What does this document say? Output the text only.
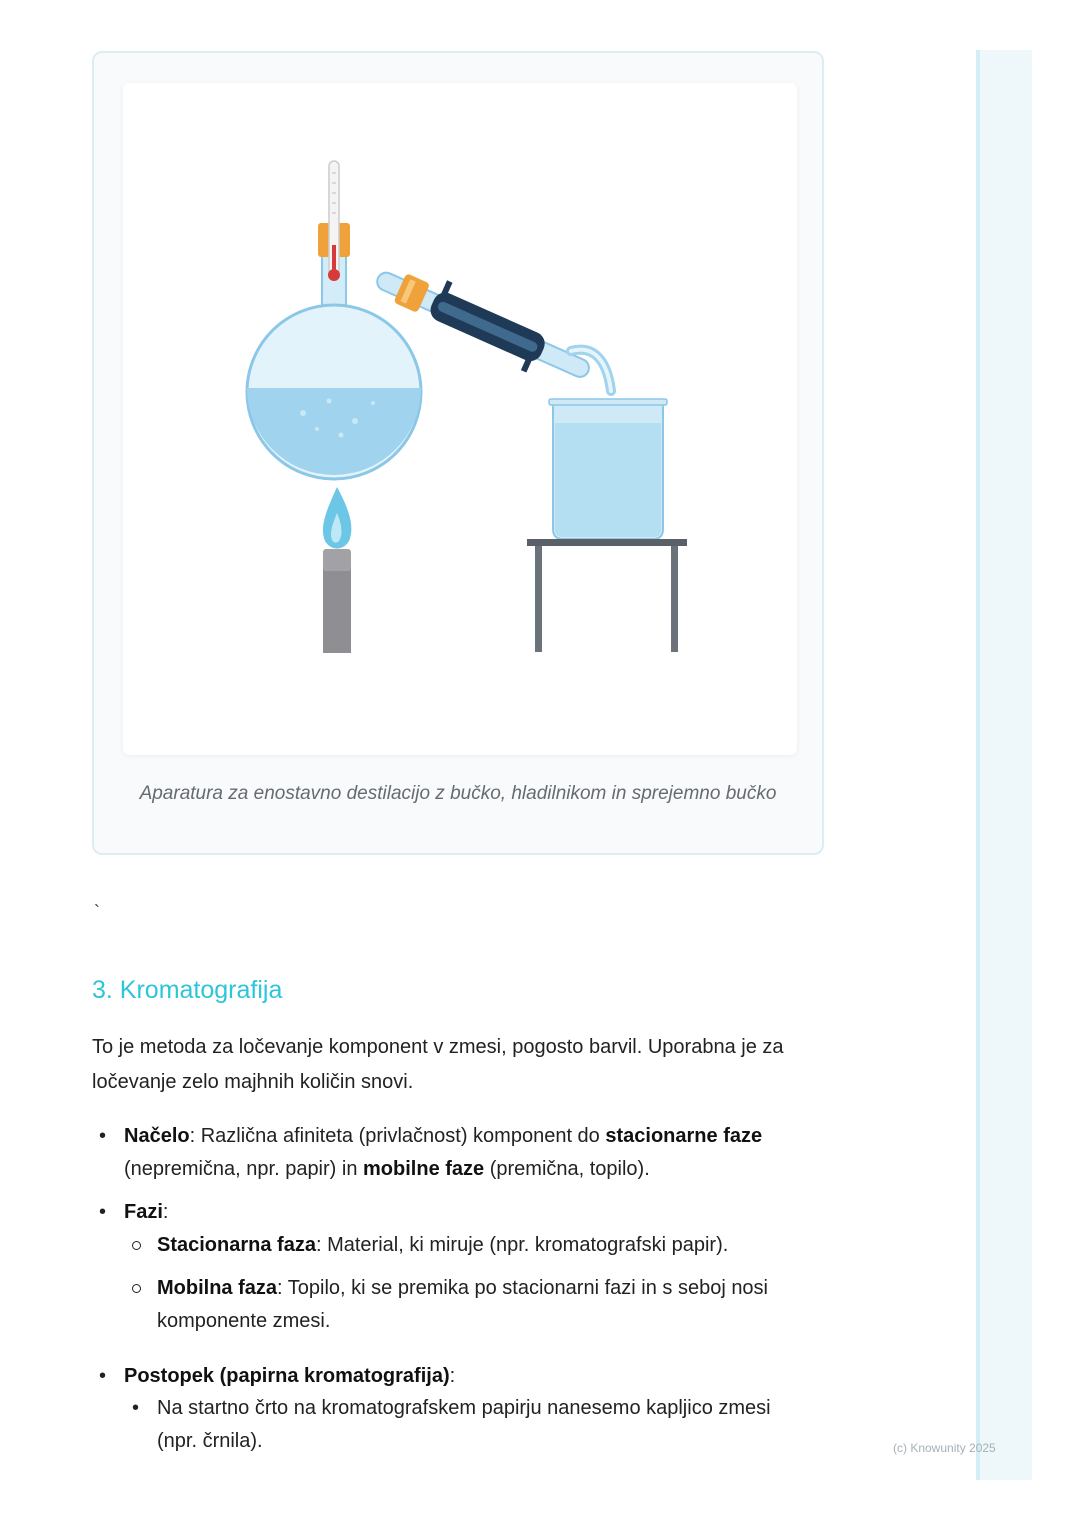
Aparatura za enostavno destilacijo z bučko, hladilnikom in sprejemno bučko
`
3. Kromatografija

To je metoda za ločevanje komponent v zmesi, pogosto barvil. Uporabna je za
ločevanje zelo majhnih količin snovi.

• Načelo: Različna afiniteta (privlačnost) komponent do stacionarne faze
(nepremična, npr. papir) in mobilne faze (premična, topilo).
• Fazi:
Stacionarna faza: Material, ki miruje (npr. kromatografski papir).
Mobilna faza: Topilo, ki se premika po stacionarni fazi in s seboj nosi
komponente zmesi.
• Postopek (papirna kromatografija):
• Na startno črto na kromatografskem papirju nanesemo kapljico zmesi
(npr. črnila).	(c) Knowunity 2025
